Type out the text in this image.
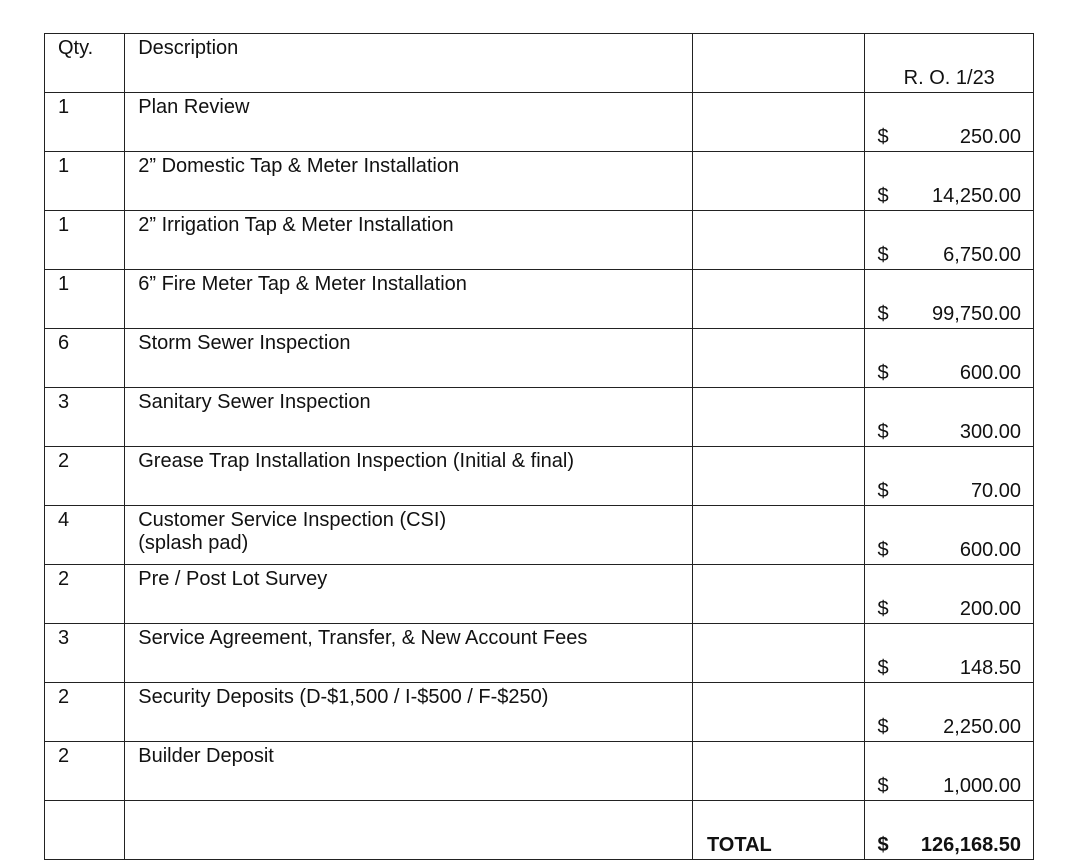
Qty.	Description		R. O. 1/23

1	Plan Review		$ 250.00

1	2” Domestic Tap & Meter Installation		$ 14,250.00

1	2” Irrigation Tap & Meter Installation		$ 6,750.00

1	6” Fire Meter Tap & Meter Installation		$ 99,750.00

6	Storm Sewer Inspection		$ 600.00

3	Sanitary Sewer Inspection		$ 300.00

2	Grease Trap Installation Inspection (Initial & final)		$ 70.00

4	Customer Service Inspection (CSI)
(splash pad)		$ 600.00

2	Pre / Post Lot Survey		$ 200.00

3	Service Agreement, Transfer, & New Account Fees		$ 148.50

2	Security Deposits (D-$1,500 / I-$500 / F-$250)		$ 2,250.00

2	Builder Deposit		$ 1,000.00

		TOTAL	$ 126,168.50
